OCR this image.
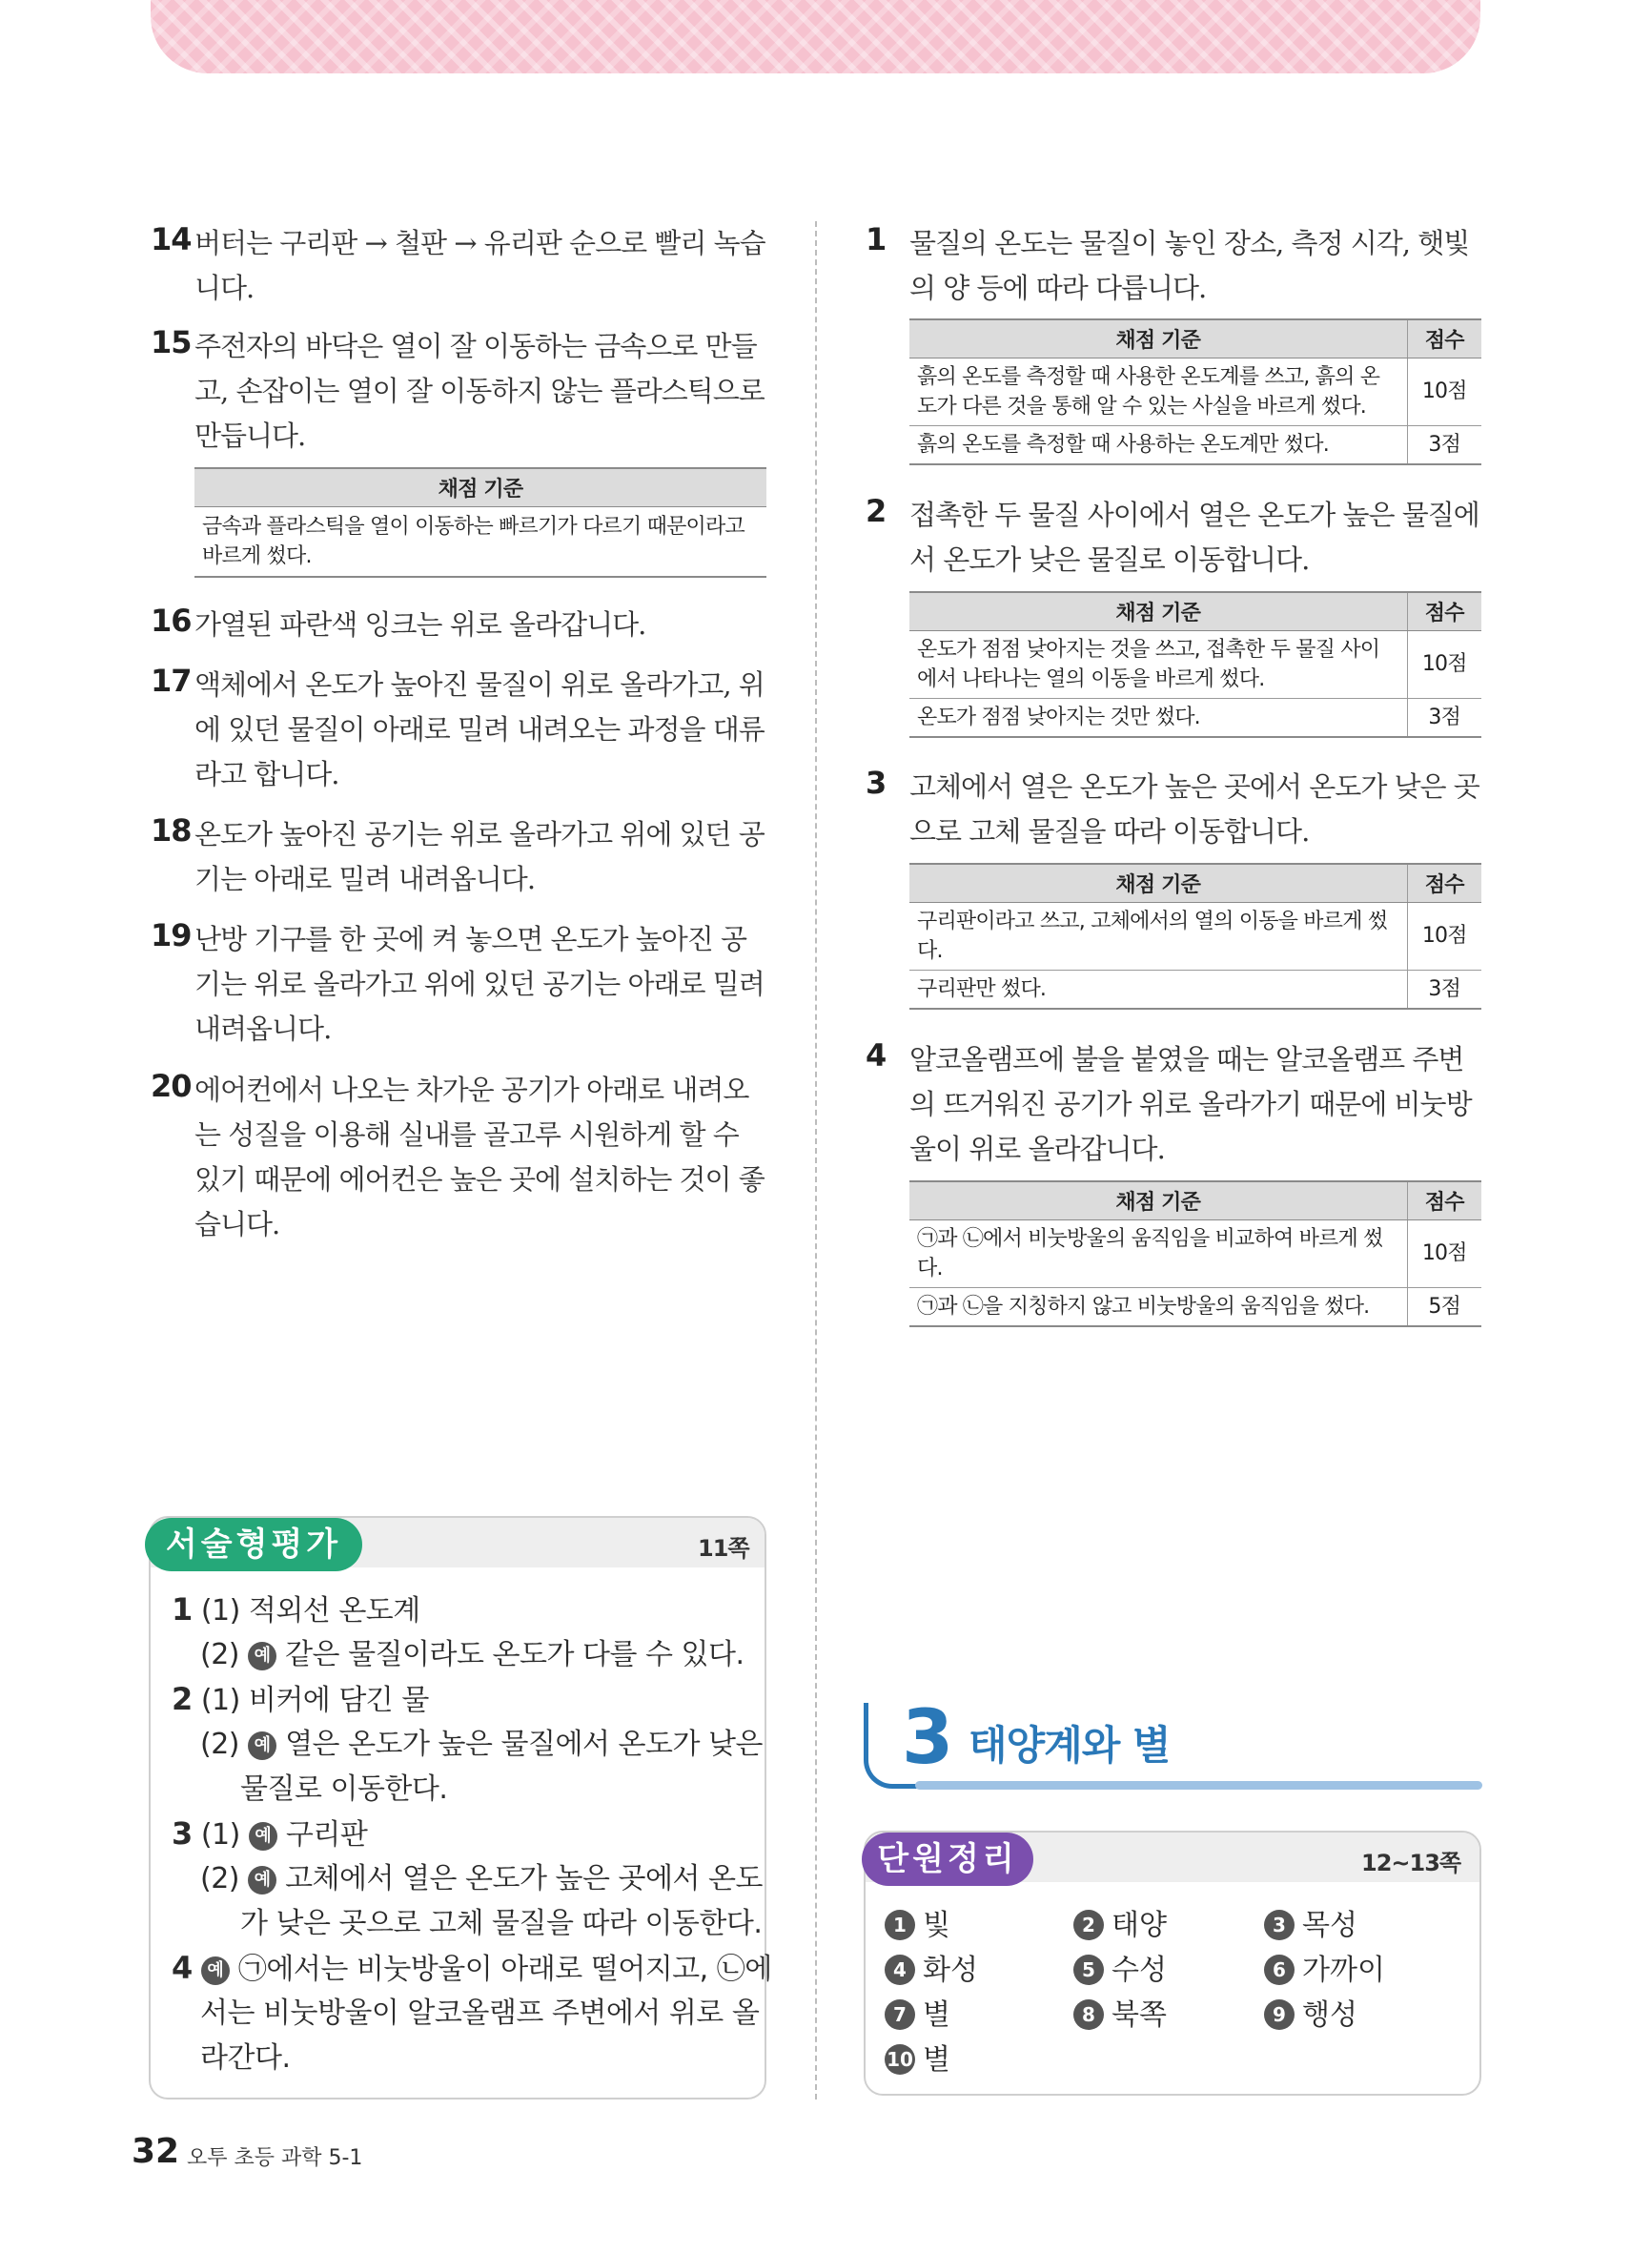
14 버터는 구리판 → 철판 → 유리판 순으로 빨리 녹습니다.
15 주전자의 바닥은 열이 잘 이동하는 금속으로 만들고, 손잡이는 열이 잘 이동하지 않는 플라스틱으로 만듭니다.
채점 기준
금속과 플라스틱을 열이 이동하는 빠르기가 다르기 때문이라고 바르게 썼다.
16 가열된 파란색 잉크는 위로 올라갑니다.
17 액체에서 온도가 높아진 물질이 위로 올라가고, 위에 있던 물질이 아래로 밀려 내려오는 과정을 대류라고 합니다.
18 온도가 높아진 공기는 위로 올라가고 위에 있던 공기는 아래로 밀려 내려옵니다.
19 난방 기구를 한 곳에 켜 놓으면 온도가 높아진 공기는 위로 올라가고 위에 있던 공기는 아래로 밀려 내려옵니다.
20 에어컨에서 나오는 차가운 공기가 아래로 내려오는 성질을 이용해 실내를 골고루 시원하게 할 수 있기 때문에 에어컨은 높은 곳에 설치하는 것이 좋습니다.
1 물질의 온도는 물질이 놓인 장소, 측정 시각, 햇빛의 양 등에 따라 다릅니다.
채점 기준	점수
흙의 온도를 측정할 때 사용한 온도계를 쓰고, 흙의 온도가 다른 것을 통해 알 수 있는 사실을 바르게 썼다.	10점
흙의 온도를 측정할 때 사용하는 온도계만 썼다.	3점
2 접촉한 두 물질 사이에서 열은 온도가 높은 물질에서 온도가 낮은 물질로 이동합니다.
채점 기준	점수
온도가 점점 낮아지는 것을 쓰고, 접촉한 두 물질 사이에서 나타나는 열의 이동을 바르게 썼다.	10점
온도가 점점 낮아지는 것만 썼다.	3점
3 고체에서 열은 온도가 높은 곳에서 온도가 낮은 곳으로 고체 물질을 따라 이동합니다.
채점 기준	점수
구리판이라고 쓰고, 고체에서의 열의 이동을 바르게 썼다.	10점
구리판만 썼다.	3점
4 알코올램프에 불을 붙였을 때는 알코올램프 주변의 뜨거워진 공기가 위로 올라가기 때문에 비눗방울이 위로 올라갑니다.
채점 기준	점수
㉠과 ㉡에서 비눗방울의 움직임을 비교하여 바르게 썼다.	10점
㉠과 ㉡을 지칭하지 않고 비눗방울의 움직임을 썼다.	5점
서술형평가	11쪽
1 (1) 적외선 온도계
(2) 예 같은 물질이라도 온도가 다를 수 있다.
2 (1) 비커에 담긴 물
(2) 예 열은 온도가 높은 물질에서 온도가 낮은
물질로 이동한다.
3 (1) 예 구리판
(2) 예 고체에서 열은 온도가 높은 곳에서 온도
가 낮은 곳으로 고체 물질을 따라 이동한다.
4 예 ㉠에서는 비눗방울이 아래로 떨어지고, ㉡에
서는 비눗방울이 알코올램프 주변에서 위로 올
라간다.
3 태양계와 별
단원정리	12~13쪽
1 빛	2 태양	3 목성
4 화성	5 수성	6 가까이
7 별	8 북쪽	9 행성
10 별
32 오투 초등 과학 5-1
